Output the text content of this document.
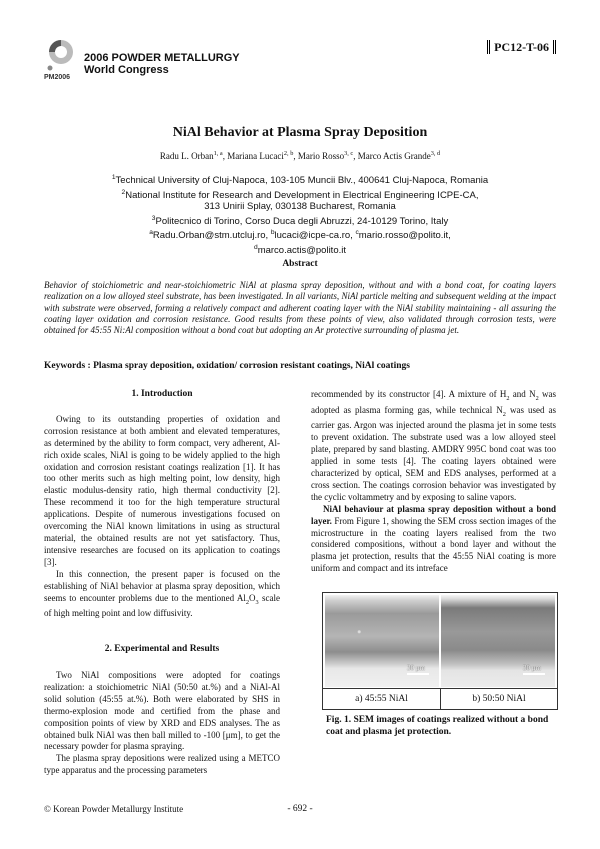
2006 POWDER METALLURGY
World Congress
PM2006
PC12-T-06
NiAl Behavior at Plasma Spray Deposition
Radu L. Orban$^{1, a}$, Mariana Lucaci$^{2, b}$, Mario Rosso$^{3, c}$, Marco Actis Grande$^{3, d}$
$^1$Technical University of Cluj-Napoca, 103-105 Muncii Blv., 400641 Cluj-Napoca, Romania
$^2$National Institute for Research and Development in Electrical Engineering ICPE-CA,
313 Unirii Splay, 030138 Bucharest, Romania
$^3$Politecnico di Torino, Corso Duca degli Abruzzi, 24-10129 Torino, Italy
$^a$Radu.Orban@stm.utcluj.ro, $^b$lucaci@icpe-ca.ro, $^c$mario.rosso@polito.it,
$^d$marco.actis@polito.it
Abstract
Behavior of stoichiometric and near-stoichiometric NiAl at plasma spray deposition, without and with a bond coat, for coating layers realization on a low alloyed steel substrate, has been investigated. In all variants, NiAl particle melting and subsequent welding at the impact with substrate were observed, forming a relatively compact and adherent coating layer with the NiAl stability maintaining - all assuring the coating layer oxidation and corrosion resistance. Good results from these points of view, also validated through corrosion tests, were obtained for 45:55 Ni:Al composition without a bond coat but adopting an Ar protective surrounding of plasma jet.
Keywords : Plasma spray deposition, oxidation/ corrosion resistant coatings, NiAl coatings
1. Introduction

Owing to its outstanding properties of oxidation and corrosion resistance at both ambient and elevated temperatures, as determined by the ability to form compact, very adherent, Al-rich oxide scales, NiAl is going to be widely applied to the high oxidation and corrosion resistant coatings realization [1]. It has too other merits such as high melting point, low density, high elastic modulus-density ratio, high thermal conductivity [2]. These recommend it too for the high temperature structural applications. Despite of numerous investigations focused on overcoming the NiAl known limitations in using as structural material, the obtained results are not yet satisfactory. Thus, intensive researches are focused on its application to coatings [3].

In this connection, the present paper is focused on the establishing of NiAl behavior at plasma spray deposition, which seems to encounter problems due to the mentioned $Al_2O_3$ scale of high melting point and low diffusivity.

2. Experimental and Results

Two NiAl compositions were adopted for coatings realization: a stoichiometric NiAl (50:50 at.%) and a NiAl-Al solid solution (45:55 at.%). Both were elaborated by SHS in thermo-explosion mode and certified from the phase and composition points of view by XRD and EDS analyses. The as obtained bulk NiAl was then ball milled to -100 [μm], to get the necessary powder for plasma spraying.

The plasma spray depositions were realized using a METCO type apparatus and the processing parameters

recommended by its constructor [4]. A mixture of $H_2$ and $N_2$ was adopted as plasma forming gas, while technical $N_2$ was used as carrier gas. Argon was injected around the plasma jet in some tests to prevent oxidation. The substrate used was a low alloyed steel plate, prepared by sand blasting. AMDRY 995C bond coat was too applied in some tests [4]. The coating layers obtained were characterized by optical, SEM and EDS analyses, performed at a cross section. The coatings corrosion behavior was investigated by the cyclic voltammetry and by exposing to saline vapors.

NiAl behaviour at plasma spray deposition without a bond layer. From Figure 1, showing the SEM cross section images of the microstructure in the coating layers realised from the two considered compositions, without a bond layer and without the plasma jet protection, results that the 45:55 NiAl coating is more uniform and compact and its intreface

30 μm	30 μm
a) 45:55 NiAl	b) 50:50 NiAl
Fig. 1. SEM images of coatings realized without a bond coat and plasma jet protection.
© Korean Powder Metallurgy Institute	- 692 -
